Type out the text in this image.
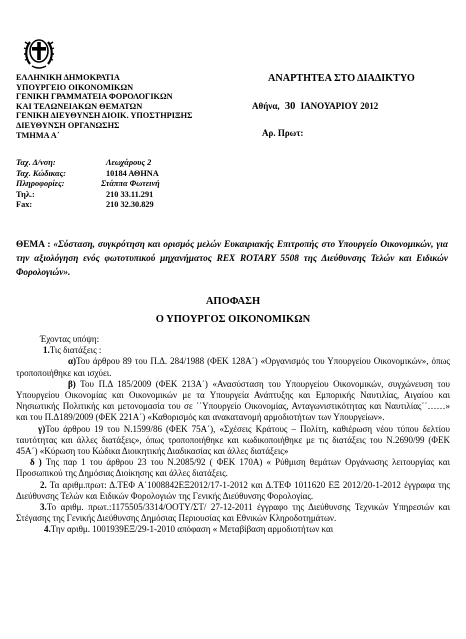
ΕΛΛΗΝΙΚΗ ΔΗΜΟΚΡΑΤΙΑ
ΥΠΟΥΡΓΕΙΟ ΟΙΚΟΝΟΜΙΚΩΝ
ΓΕΝΙΚΗ ΓΡΑΜΜΑΤΕΙΑ ΦΟΡΟΛΟΓΙΚΩΝ
ΚΑΙ ΤΕΛΩΝΕΙΑΚΩΝ ΘΕΜΑΤΩΝ
ΓΕΝΙΚΗ ΔΙΕΥΘΥΝΣΗ ΔΙΟΙΚ. ΥΠΟΣΤΗΡΙΞΗΣ
ΔΙΕΥΘΥΝΣΗ ΟΡΓΑΝΩΣΗΣ
ΤΜΗΜΑ Α΄
ΑΝΑΡΤΗΤΕΑ ΣΤΟ ΔΙΑΔΙΚΤΥΟ
Αθήνα, 30 ΙΑΝΟΥΑΡΙΟΥ 2012
Αρ. Πρωτ:
Ταχ. Δ/νση:	Λεωχάρους 2
Ταχ. Κώδικας:	10184 ΑΘΗΝΑ
Πληροφορίες:	Στάππα Φωτεινή
Τηλ.:	210 33.11.291
Fax:	210 32.30.829
ΘΕΜΑ : «Σύσταση, συγκρότηση και ορισμός μελών Ευκαιριακής Επιτροπής στο Υπουργείο Οικονομικών, για την αξιολόγηση ενός φωτοτυπικού μηχανήματος REX ROTARY 5508 της Διεύθυνσης Τελών και Ειδικών Φορολογιών».
ΑΠΟΦΑΣΗ
Ο ΥΠΟΥΡΓΟΣ ΟΙΚΟΝΟΜΙΚΩΝ

Έχοντας υπόψη:

1.Τις διατάξεις :

α)Του άρθρου 89 του Π.Δ. 284/1988 (ΦΕΚ 128Α΄) «Οργανισμός του Υπουργείου Οικονομικών», όπως τροποποιήθηκε και ισχύει.

β) Του Π.Δ 185/2009 (ΦΕΚ 213Α΄) «Ανασύσταση του Υπουργείου Οικονομικών, συγχώνευση του Υπουργείου Οικονομίας και Οικονομικών με τα Υπουργεία Ανάπτυξης και Εμπορικής Ναυτιλίας, Αιγαίου και Νησιωτικής Πολιτικής και μετονομασία του σε ΄΄Υπουργείο Οικονομίας, Ανταγωνιστικότητας και Ναυτιλίας΄΄……» και του Π.Δ189/2009 (ΦΕΚ 221Α΄) «Καθορισμός και ανακατανομή αρμοδιοτήτων των Υπουργείων».

γ)Του άρθρου 19 του Ν.1599/86 (ΦΕΚ 75Α΄), «Σχέσεις Κράτους – Πολίτη, καθιέρωση νέου τύπου δελτίου ταυτότητας και άλλες διατάξεις», όπως τροποποιήθηκε και κωδικοποιήθηκε με τις διατάξεις του Ν.2690/99 (ΦΕΚ 45Α΄) «Κύρωση του Κώδικα Διοικητικής Διαδικασίας και άλλες διατάξεις»

δ ) Της παρ 1 του άρθρου 23 του Ν.2085/92 ( ΦΕΚ 170Α) « Ρύθμιση θεμάτων Οργάνωσης λειτουργίας και Προσωπικού της Δημόσιας Διοίκησης και άλλες διατάξεις.

2. Τα αριθμ.πρωτ: Δ.ΤΕΦ Α΄1008842ΕΞ2012/17-1-2012 και Δ.ΤΕΦ 1011620 ΕΞ 2012/20-1-2012 έγγραφα της Διεύθυνσης Τελών και Ειδικών Φορολογιών της Γενικής Διεύθυνσης Φορολογίας.

3.Το αριθμ. πρωτ.:1175505/3314/ΟΟΤΥ/ΣΤ/ 27-12-2011 έγγραφο της Διεύθυνσης Τεχνικών Υπηρεσιών και Στέγασης της Γενικής Διεύθυνσης Δημόσιας Περιουσίας και Εθνικών Κληροδοτημάτων.

4.Την αριθμ. 1001939ΕΞ/29-1-2010 απόφαση « Μεταβίβαση αρμοδιοτήτων και
